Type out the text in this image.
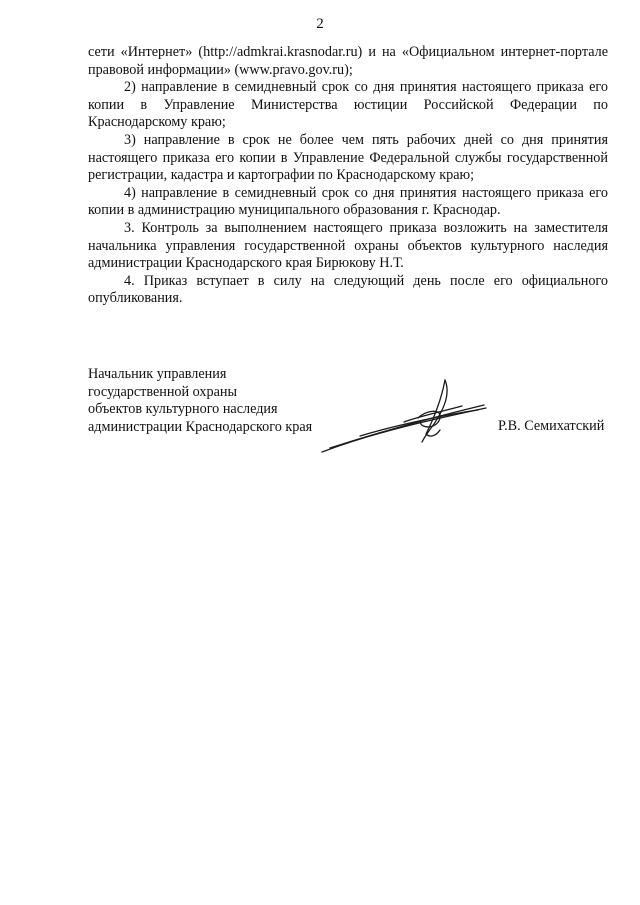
2

сети «Интернет» (http://admkrai.krasnodar.ru) и на «Официальном интернет-портале правовой информации» (www.pravo.gov.ru);

2) направление в семидневный срок со дня принятия настоящего приказа его копии в Управление Министерства юстиции Российской Федерации по Краснодарскому краю;

3) направление в срок не более чем пять рабочих дней со дня принятия настоящего приказа его копии в Управление Федеральной службы государственной регистрации, кадастра и картографии по Краснодарскому краю;

4) направление в семидневный срок со дня принятия настоящего приказа его копии в администрацию муниципального образования г. Краснодар.

3. Контроль за выполнением настоящего приказа возложить на заместителя начальника управления государственной охраны объектов культурного наследия администрации Краснодарского края Бирюкову Н.Т.

4. Приказ вступает в силу на следующий день после его официального опубликования.

Начальник управления
государственной охраны
объектов культурного наследия
администрации Краснодарского края	Р.В. Семихатский
